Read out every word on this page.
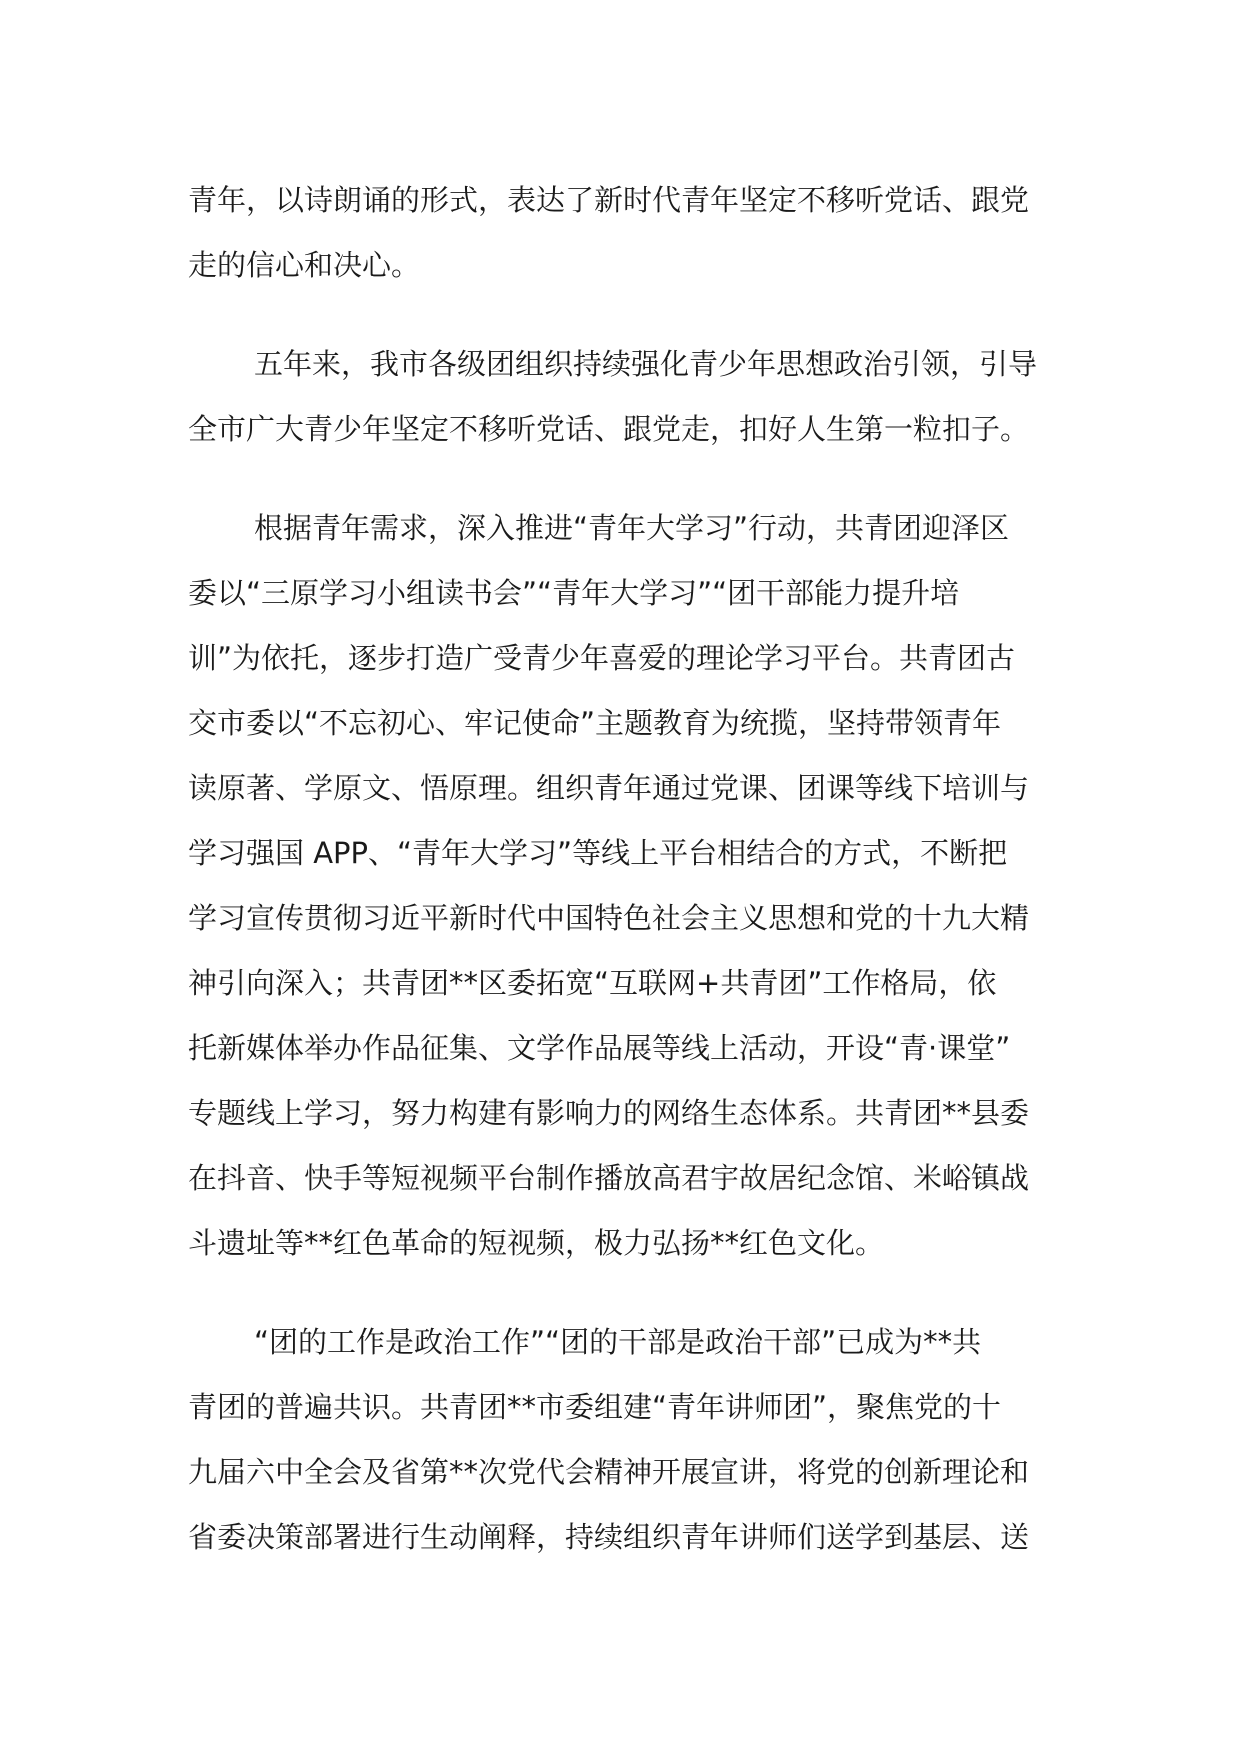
青年，以诗朗诵的形式，表达了新时代青年坚定不移听党话、跟党
走的信心和决心。
五年来，我市各级团组织持续强化青少年思想政治引领，引导
全市广大青少年坚定不移听党话、跟党走，扣好人生第一粒扣子。
根据青年需求，深入推进“青年大学习”行动，共青团迎泽区
委以“三原学习小组读书会”“青年大学习”“团干部能力提升培
训”为依托，逐步打造广受青少年喜爱的理论学习平台。共青团古
交市委以“不忘初心、牢记使命”主题教育为统揽，坚持带领青年
读原著、学原文、悟原理。组织青年通过党课、团课等线下培训与
学习强国 APP、“青年大学习”等线上平台相结合的方式，不断把
学习宣传贯彻习近平新时代中国特色社会主义思想和党的十九大精
神引向深入；共青团**区委拓宽“互联网+共青团”工作格局，依
托新媒体举办作品征集、文学作品展等线上活动，开设“青·课堂”
专题线上学习，努力构建有影响力的网络生态体系。共青团**县委
在抖音、快手等短视频平台制作播放高君宇故居纪念馆、米峪镇战
斗遗址等**红色革命的短视频，极力弘扬**红色文化。
“团的工作是政治工作”“团的干部是政治干部”已成为**共
青团的普遍共识。共青团**市委组建“青年讲师团”，聚焦党的十
九届六中全会及省第**次党代会精神开展宣讲，将党的创新理论和
省委决策部署进行生动阐释，持续组织青年讲师们送学到基层、送
